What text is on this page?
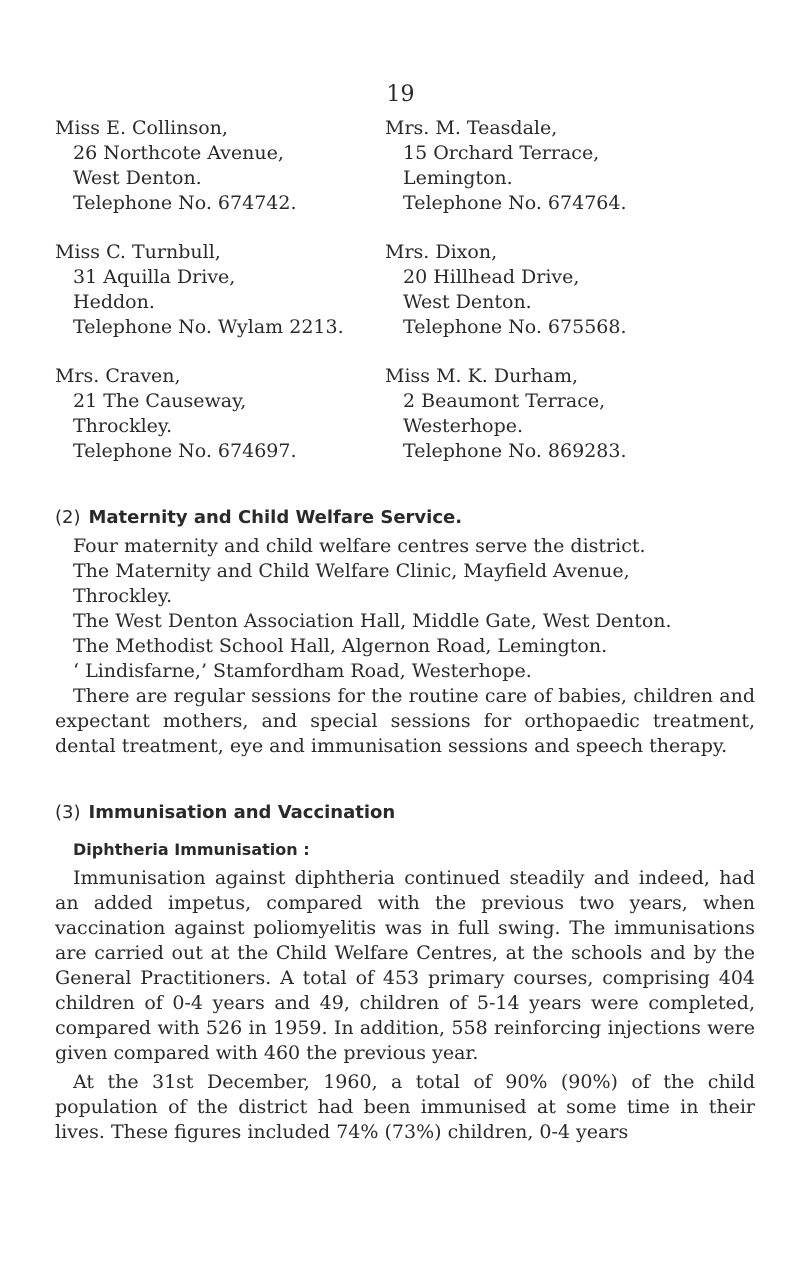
19
Miss E. Collinson,
26 Northcote Avenue,
West Denton.
Telephone No. 674742.
Mrs. M. Teasdale,
15 Orchard Terrace,
Lemington.
Telephone No. 674764.
Miss C. Turnbull,
31 Aquilla Drive,
Heddon.
Telephone No. Wylam 2213.
Mrs. Dixon,
20 Hillhead Drive,
West Denton.
Telephone No. 675568.
Mrs. Craven,
21 The Causeway,
Throckley.
Telephone No. 674697.
Miss M. K. Durham,
2 Beaumont Terrace,
Westerhope.
Telephone No. 869283.
(2) Maternity and Child Welfare Service.
Four maternity and child welfare centres serve the district.
The Maternity and Child Welfare Clinic, Mayfield Avenue,
Throckley.
The West Denton Association Hall, Middle Gate, West Denton.
The Methodist School Hall, Algernon Road, Lemington.
‘ Lindisfarne,’ Stamfordham Road, Westerhope.

There are regular sessions for the routine care of babies, children and expectant mothers, and special sessions for orthopaedic treatment, dental treatment, eye and immunisation sessions and speech therapy.

(3) Immunisation and Vaccination
Diphtheria Immunisation :

Immunisation against diphtheria continued steadily and indeed, had an added impetus, compared with the previous two years, when vaccination against poliomyelitis was in full swing. The immunisations are carried out at the Child Welfare Centres, at the schools and by the General Practitioners. A total of 453 primary courses, comprising 404 children of 0-4 years and 49, children of 5-14 years were completed, compared with 526 in 1959. In addition, 558 reinforcing injections were given compared with 460 the previous year.

At the 31st December, 1960, a total of 90% (90%) of the child population of the district had been immunised at some time in their lives. These figures included 74% (73%) children, 0-4 years
